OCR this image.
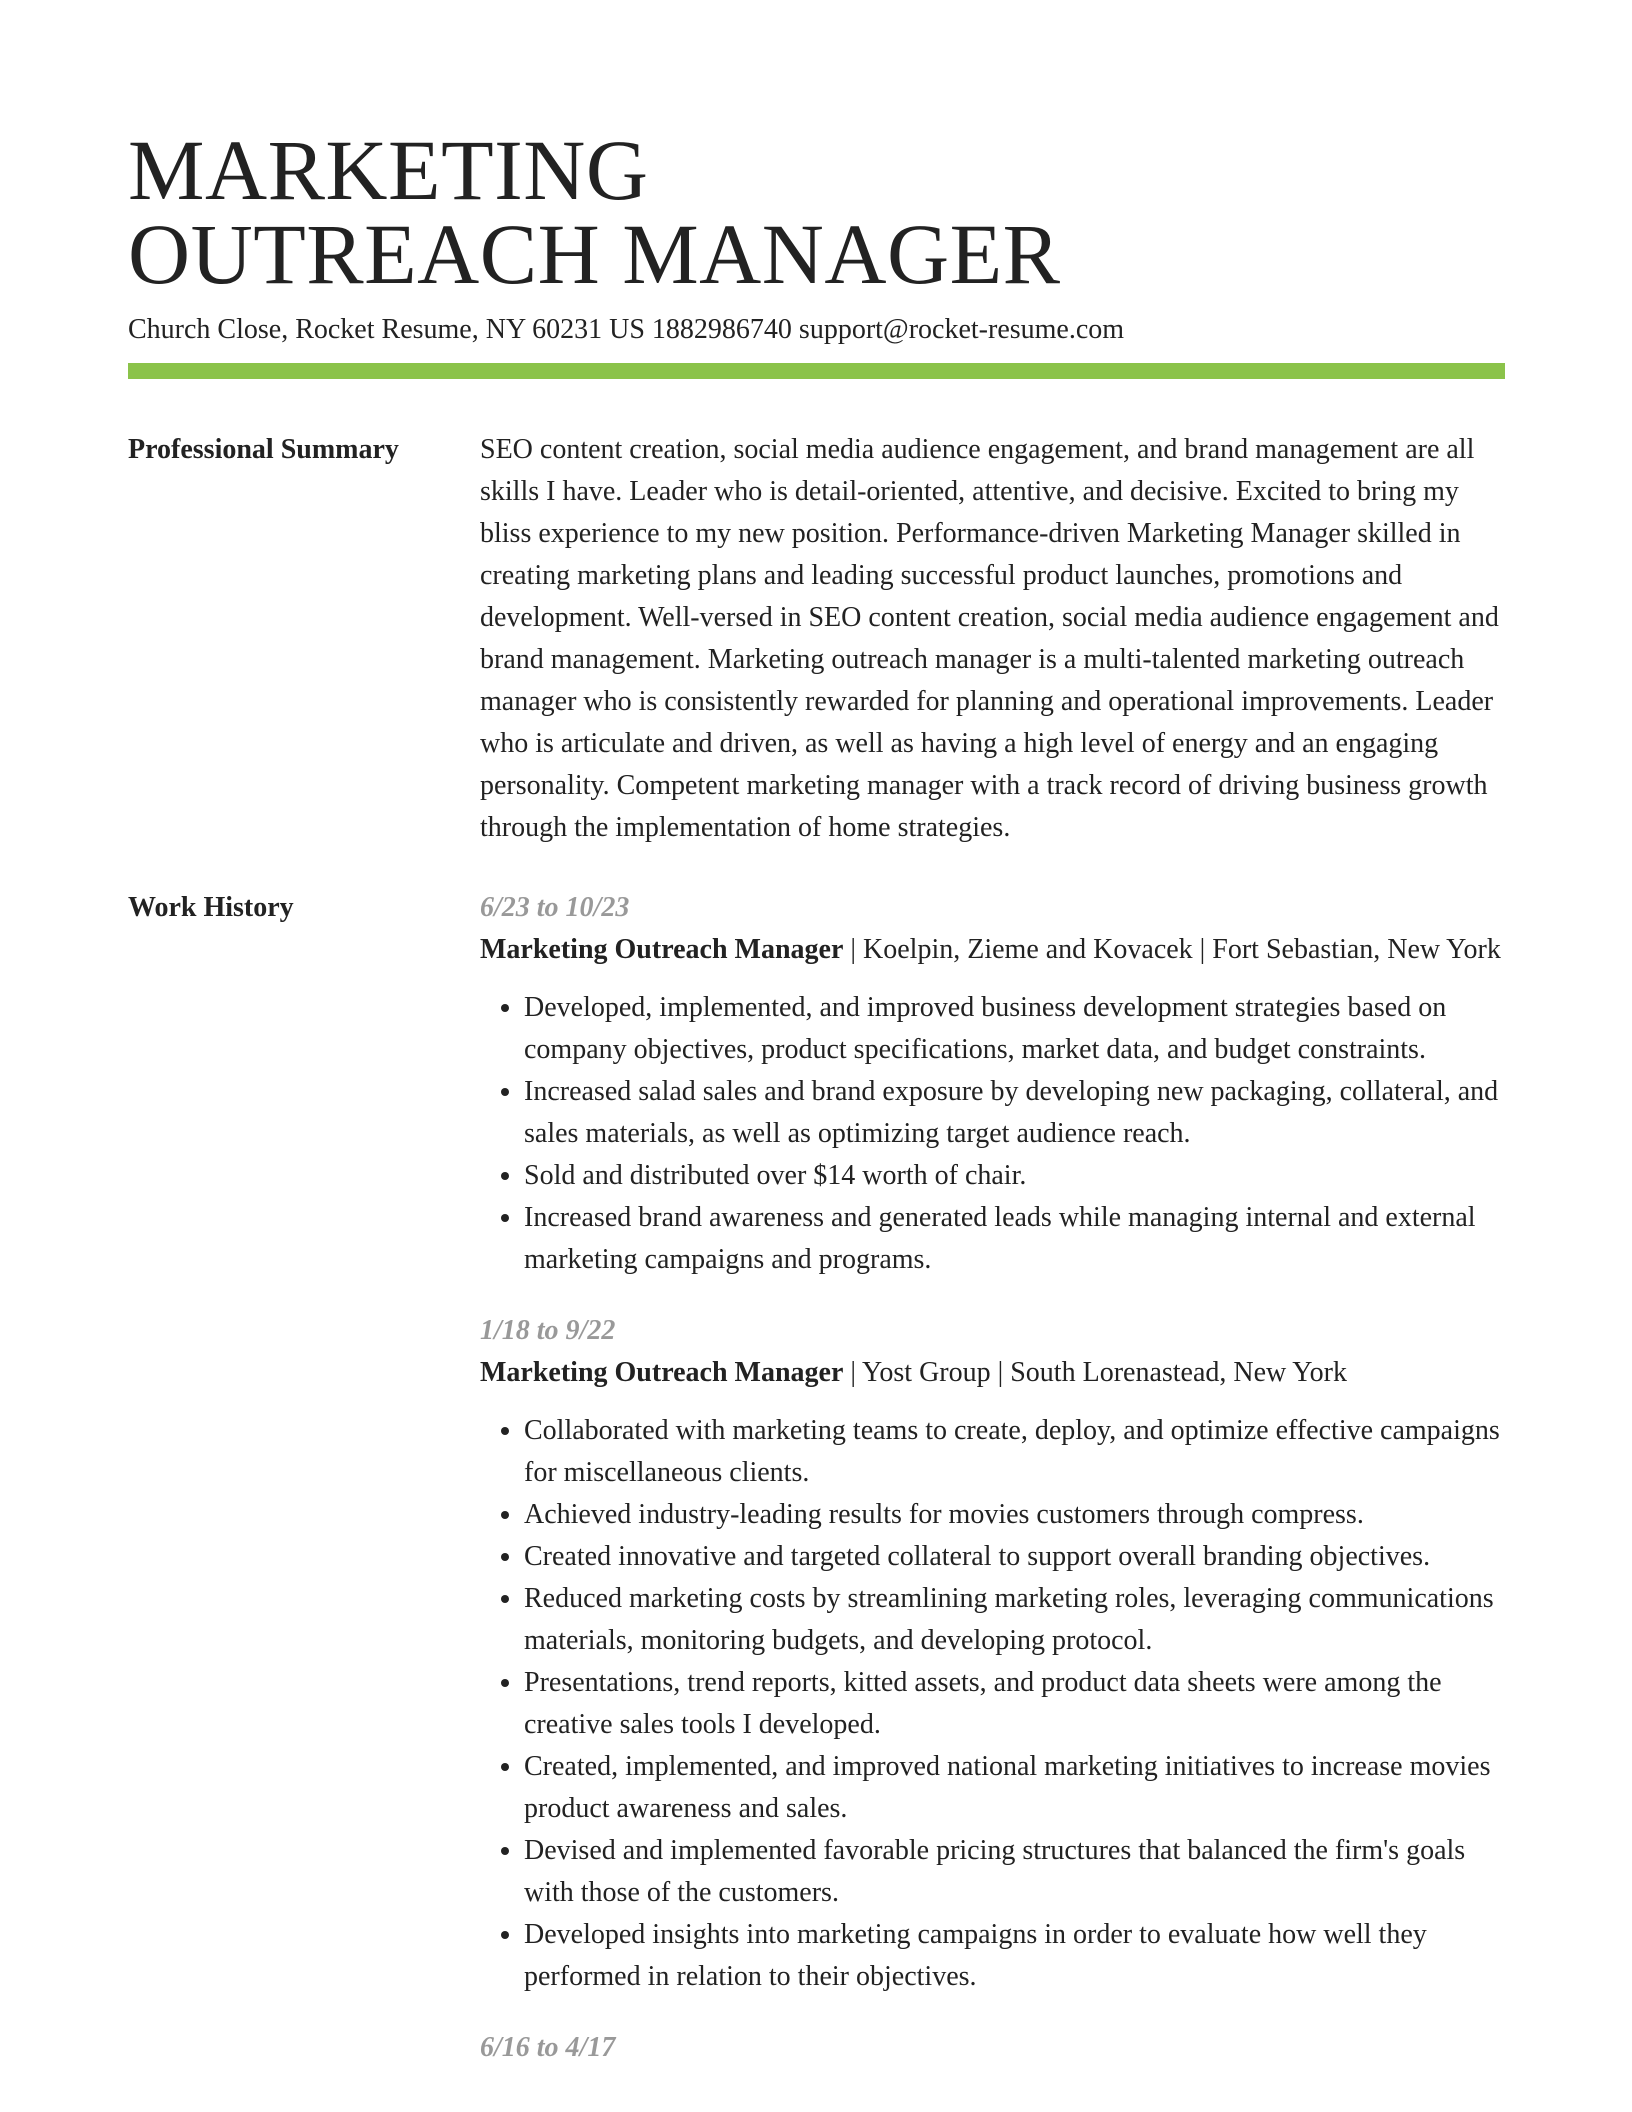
MARKETING
OUTREACH MANAGER
Church Close, Rocket Resume, NY 60231 US 1882986740 support@rocket-resume.com
Professional Summary	SEO content creation, social media audience engagement, and brand management are all skills I have. Leader who is detail-oriented, attentive, and decisive. Excited to bring my bliss experience to my new position. Performance-driven Marketing Manager skilled in creating marketing plans and leading successful product launches, promotions and development. Well-versed in SEO content creation, social media audience engagement and brand management. Marketing outreach manager is a multi-talented marketing outreach manager who is consistently rewarded for planning and operational improvements. Leader who is articulate and driven, as well as having a high level of energy and an engaging personality. Competent marketing manager with a track record of driving business growth through the implementation of home strategies.

Work History	6/23 to 10/23

Marketing Outreach Manager | Koelpin, Zieme and Kovacek | Fort Sebastian, New York

• Developed, implemented, and improved business development strategies based on company objectives, product specifications, market data, and budget constraints.
• Increased salad sales and brand exposure by developing new packaging, collateral, and sales materials, as well as optimizing target audience reach.
• Sold and distributed over $14 worth of chair.
• Increased brand awareness and generated leads while managing internal and external marketing campaigns and programs.
1/18 to 9/22

Marketing Outreach Manager | Yost Group | South Lorenastead, New York

• Collaborated with marketing teams to create, deploy, and optimize effective campaigns for miscellaneous clients.
• Achieved industry-leading results for movies customers through compress.
• Created innovative and targeted collateral to support overall branding objectives.
• Reduced marketing costs by streamlining marketing roles, leveraging communications materials, monitoring budgets, and developing protocol.
• Presentations, trend reports, kitted assets, and product data sheets were among the creative sales tools I developed.
• Created, implemented, and improved national marketing initiatives to increase movies product awareness and sales.
• Devised and implemented favorable pricing structures that balanced the firm's goals with those of the customers.
• Developed insights into marketing campaigns in order to evaluate how well they performed in relation to their objectives.
6/16 to 4/17
